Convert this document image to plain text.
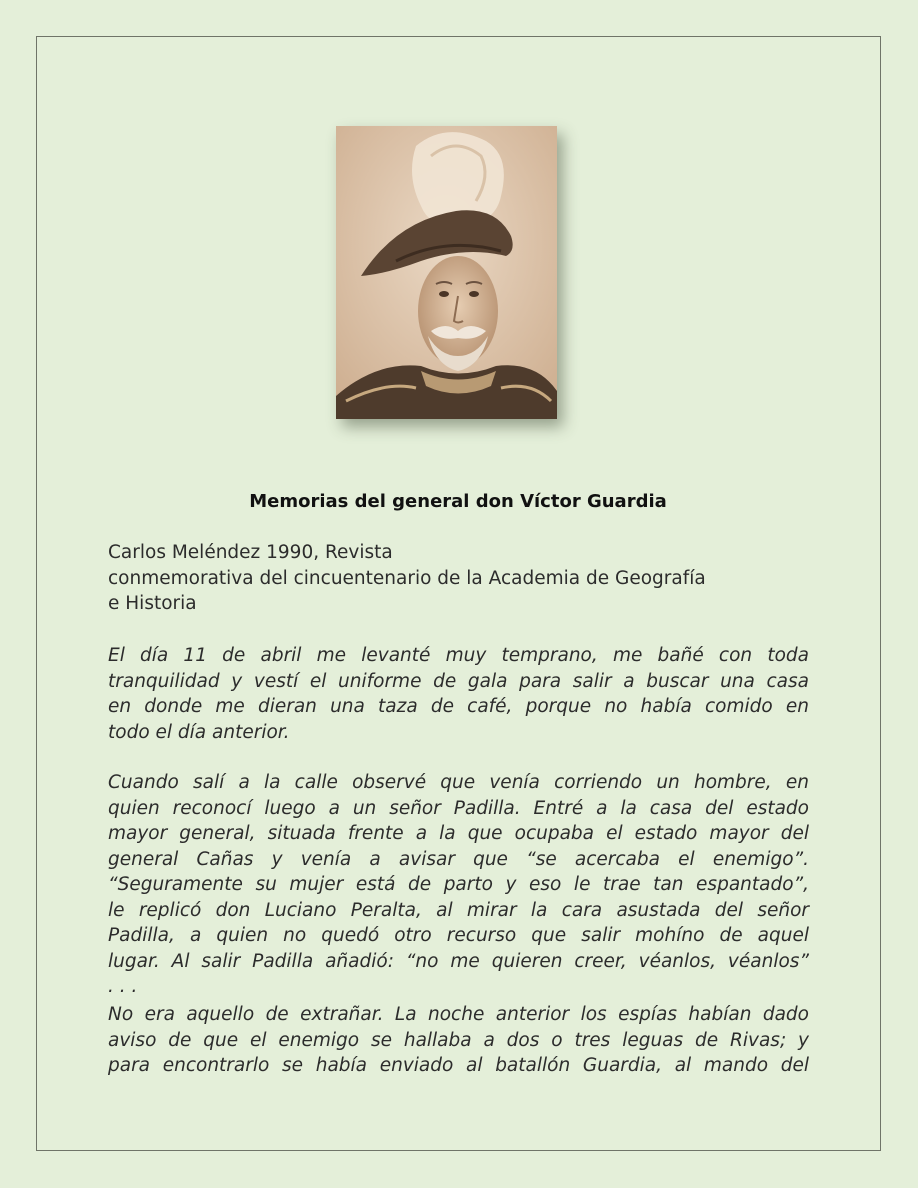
Memorias del general don Víctor Guardia
Carlos Meléndez 1990, Revista
conmemorativa del cincuentenario de la Academia de Geografía
e Historia
El día 11 de abril me levanté muy temprano, me bañé con toda
tranquilidad y vestí el uniforme de gala para salir a buscar una casa
en donde me dieran una taza de café, porque no había comido en
todo el día anterior.
Cuando salí a la calle observé que venía corriendo un hombre, en
quien reconocí luego a un señor Padilla. Entré a la casa del estado
mayor general, situada frente a la que ocupaba el estado mayor del
general Cañas y venía a avisar que “se acercaba el enemigo”.
“Seguramente su mujer está de parto y eso le trae tan espantado”,
le replicó don Luciano Peralta, al mirar la cara asustada del señor
Padilla, a quien no quedó otro recurso que salir mohíno de aquel
lugar. Al salir Padilla añadió: “no me quieren creer, véanlos, véanlos”
. . .
No era aquello de extrañar. La noche anterior los espías habían dado
aviso de que el enemigo se hallaba a dos o tres leguas de Rivas; y
para encontrarlo se había enviado al batallón Guardia, al mando del
